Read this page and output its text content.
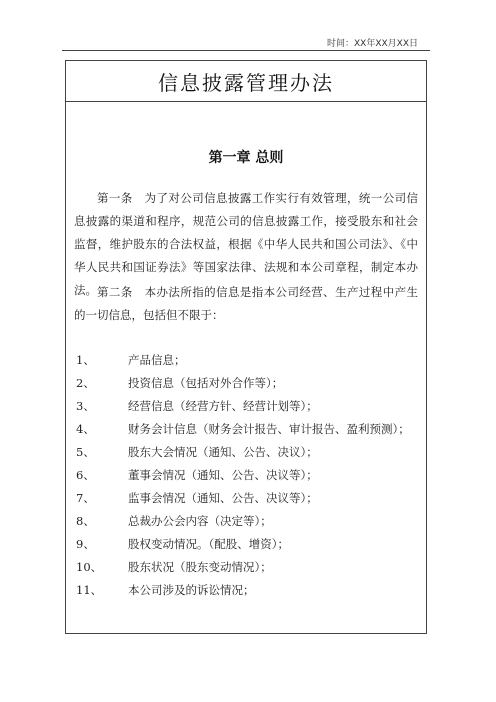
时间：XX年XX月XX日
信息披露管理办法
第一章 总则

第一条　为了对公司信息披露工作实行有效管理，统一公司信息披露的渠道和程序，规范公司的信息披露工作，接受股东和社会监督，维护股东的合法权益，根据《中华人民共和国公司法》、《中华人民共和国证券法》等国家法律、法规和本公司章程，制定本办法。 第二条　本办法所指的信息是指本公司经营、生产过程中产生的一切信息，包括但不限于：

1、	产品信息；
2、	投资信息（包括对外合作等）；
3、	经营信息（经营方针、经营计划等）；
4、	财务会计信息（财务会计报告、审计报告、盈利预测）；
5、	股东大会情况（通知、公告、决议）；
6、	董事会情况（通知、公告、决议等）；
7、	监事会情况（通知、公告、决议等）；
8、	总裁办公会内容（决定等）；
9、	股权变动情况。（配股、增资）；
10、	股东状况（股东变动情况）；
11、	本公司涉及的诉讼情况；
